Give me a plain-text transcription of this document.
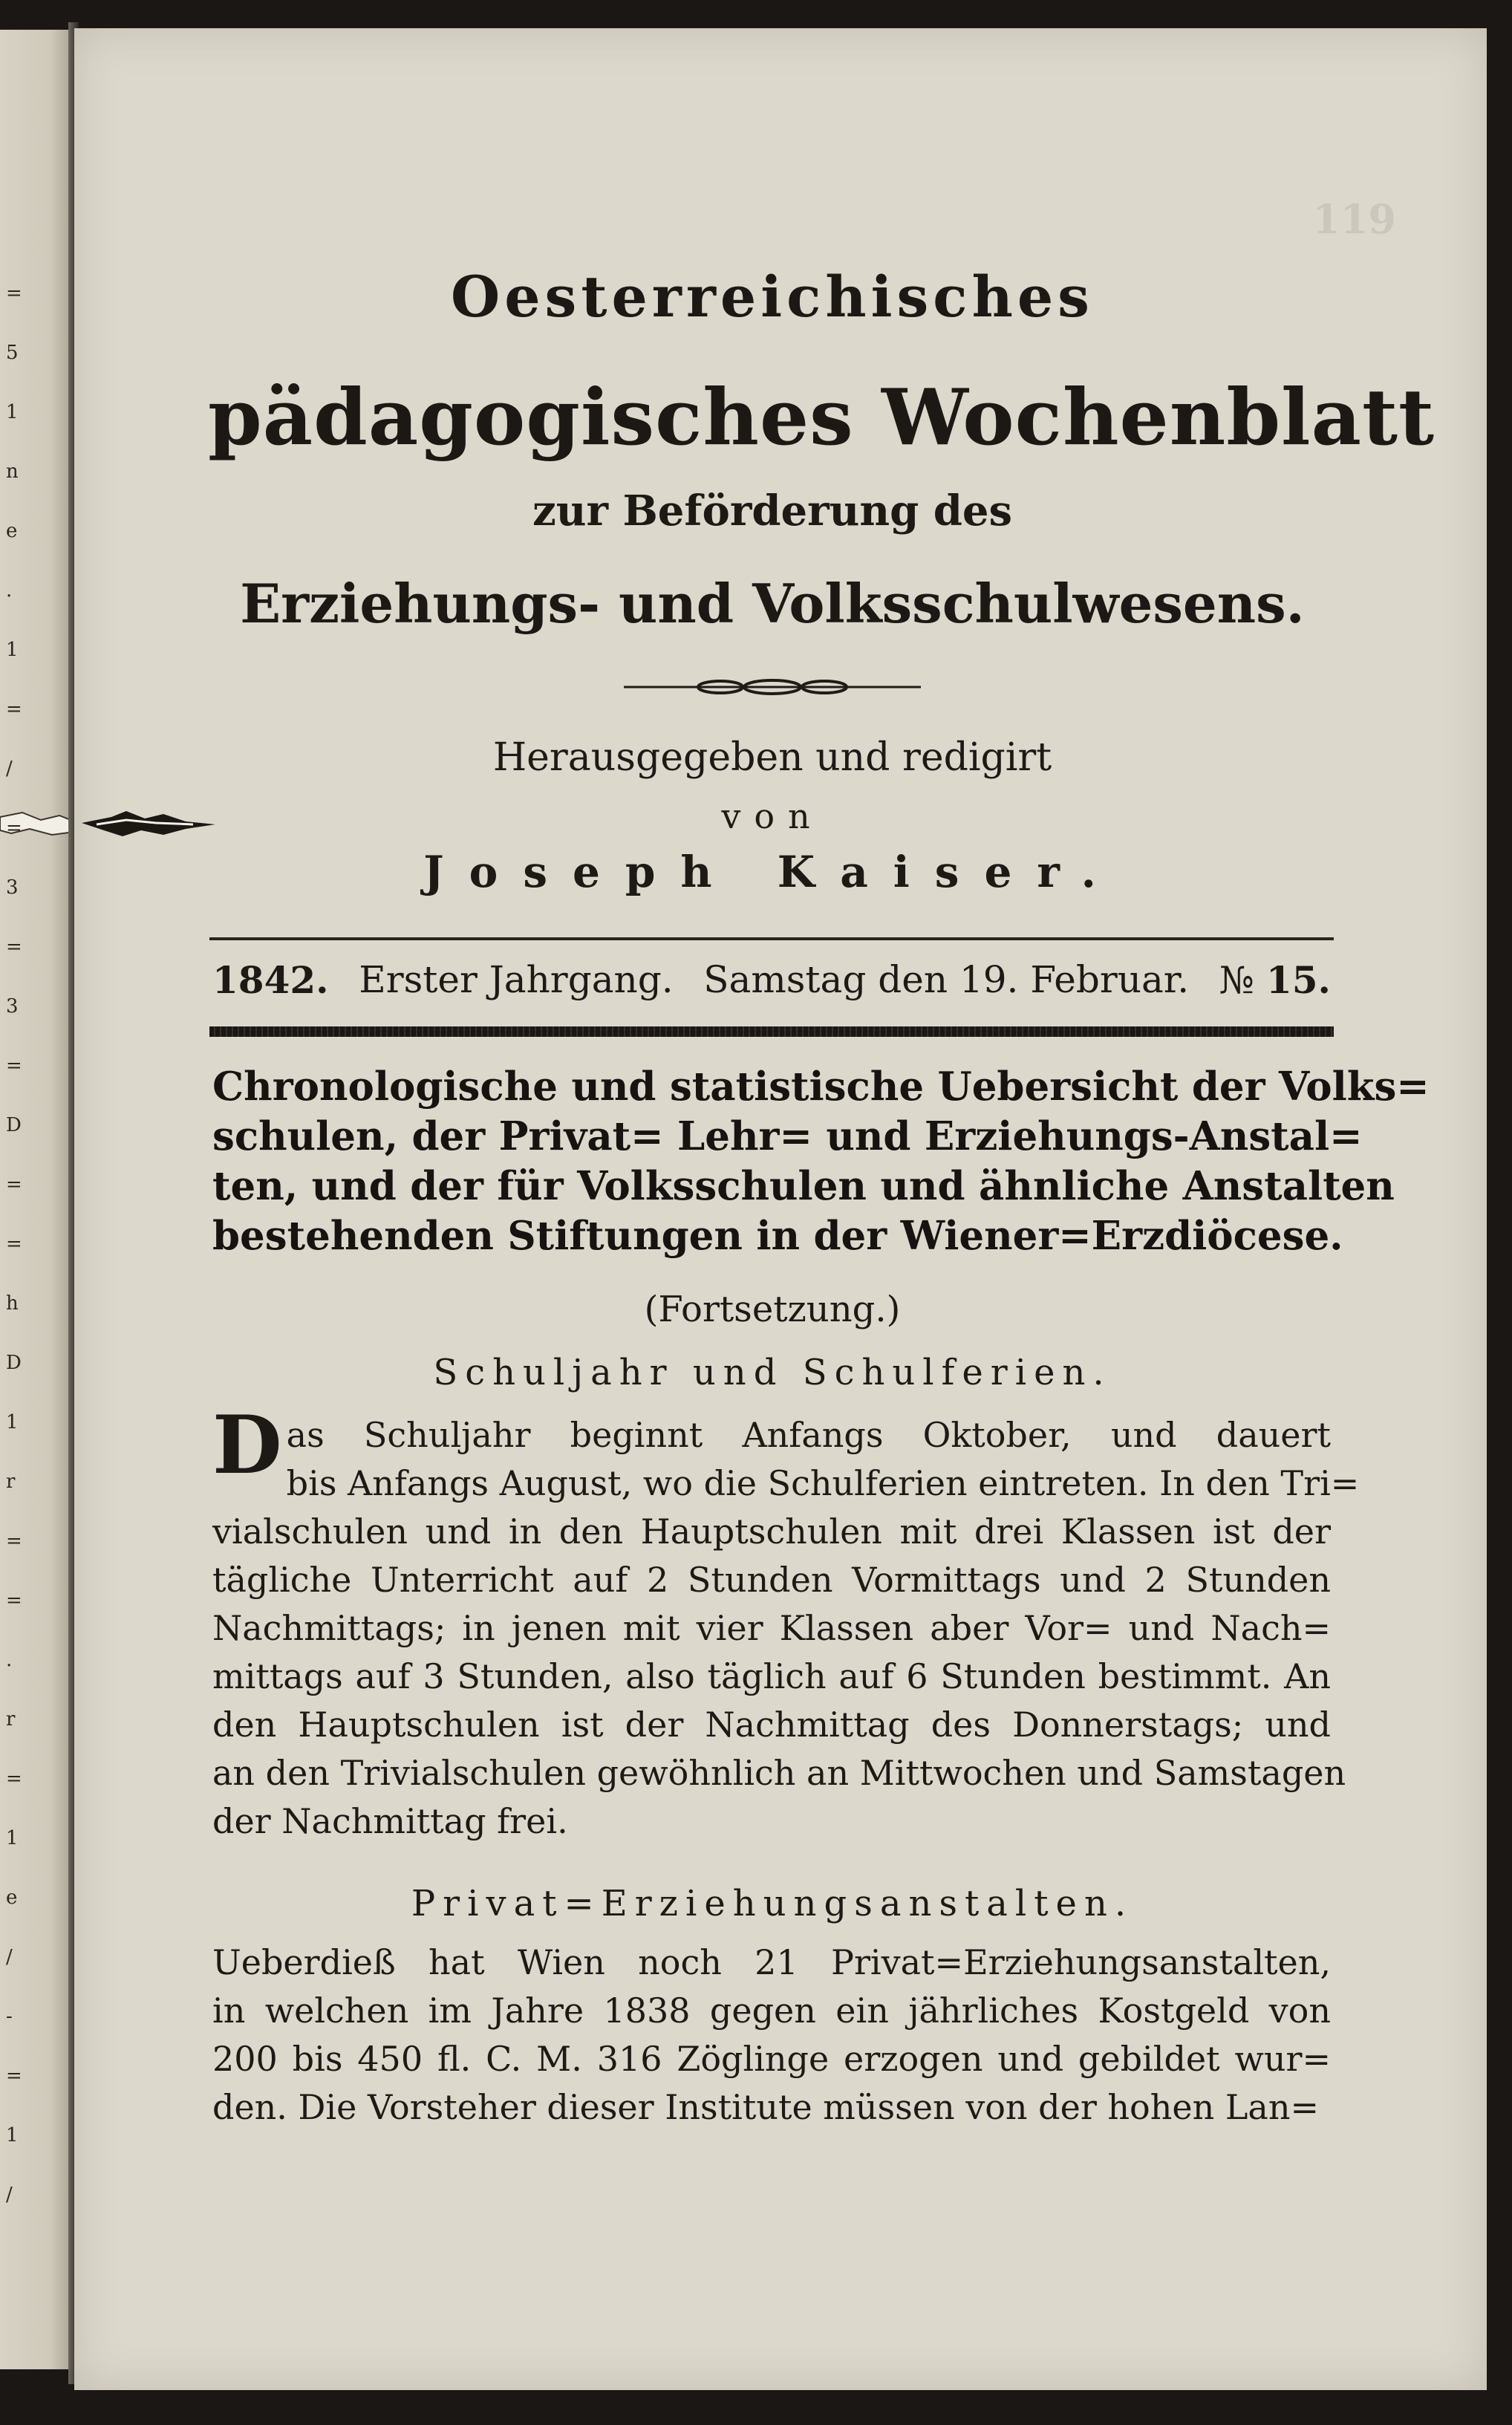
=
5
1
n
e
.
1
=
/
=
3
=
3
=
D
=
=
h
D
1
r
=
=
.
r
=
1
e
/
-
=
1
/
119
Oesterreichisches
pädagogisches Wochenblatt
zur Beförderung des
Erziehungs- und Volksschulwesens.
Herausgegeben und redigirt
von
Joseph Kaiser.
1842. Erster Jahrgang. Samstag den 19. Februar. № 15.
Chronologische und statistische Uebersicht der Volks=
schulen, der Privat= Lehr= und Erziehungs-Anstal=
ten, und der für Volksschulen und ähnliche Anstalten
bestehenden Stiftungen in der Wiener=Erzdiöcese.
(Fortsetzung.)
Schuljahr und Schulferien.
D as Schuljahr beginnt Anfangs Oktober, und dauert
bis Anfangs August, wo die Schulferien eintreten. In den Tri=
vialschulen und in den Hauptschulen mit drei Klassen ist der
tägliche Unterricht auf 2 Stunden Vormittags und 2 Stunden
Nachmittags; in jenen mit vier Klassen aber Vor= und Nach=
mittags auf 3 Stunden, also täglich auf 6 Stunden bestimmt. An
den Hauptschulen ist der Nachmittag des Donnerstags; und
an den Trivialschulen gewöhnlich an Mittwochen und Samstagen
der Nachmittag frei.
Privat=Erziehungsanstalten.
Ueberdieß hat Wien noch 21 Privat=Erziehungsanstalten,
in welchen im Jahre 1838 gegen ein jährliches Kostgeld von
200 bis 450 fl. C. M. 316 Zöglinge erzogen und gebildet wur=
den. Die Vorsteher dieser Institute müssen von der hohen Lan=
